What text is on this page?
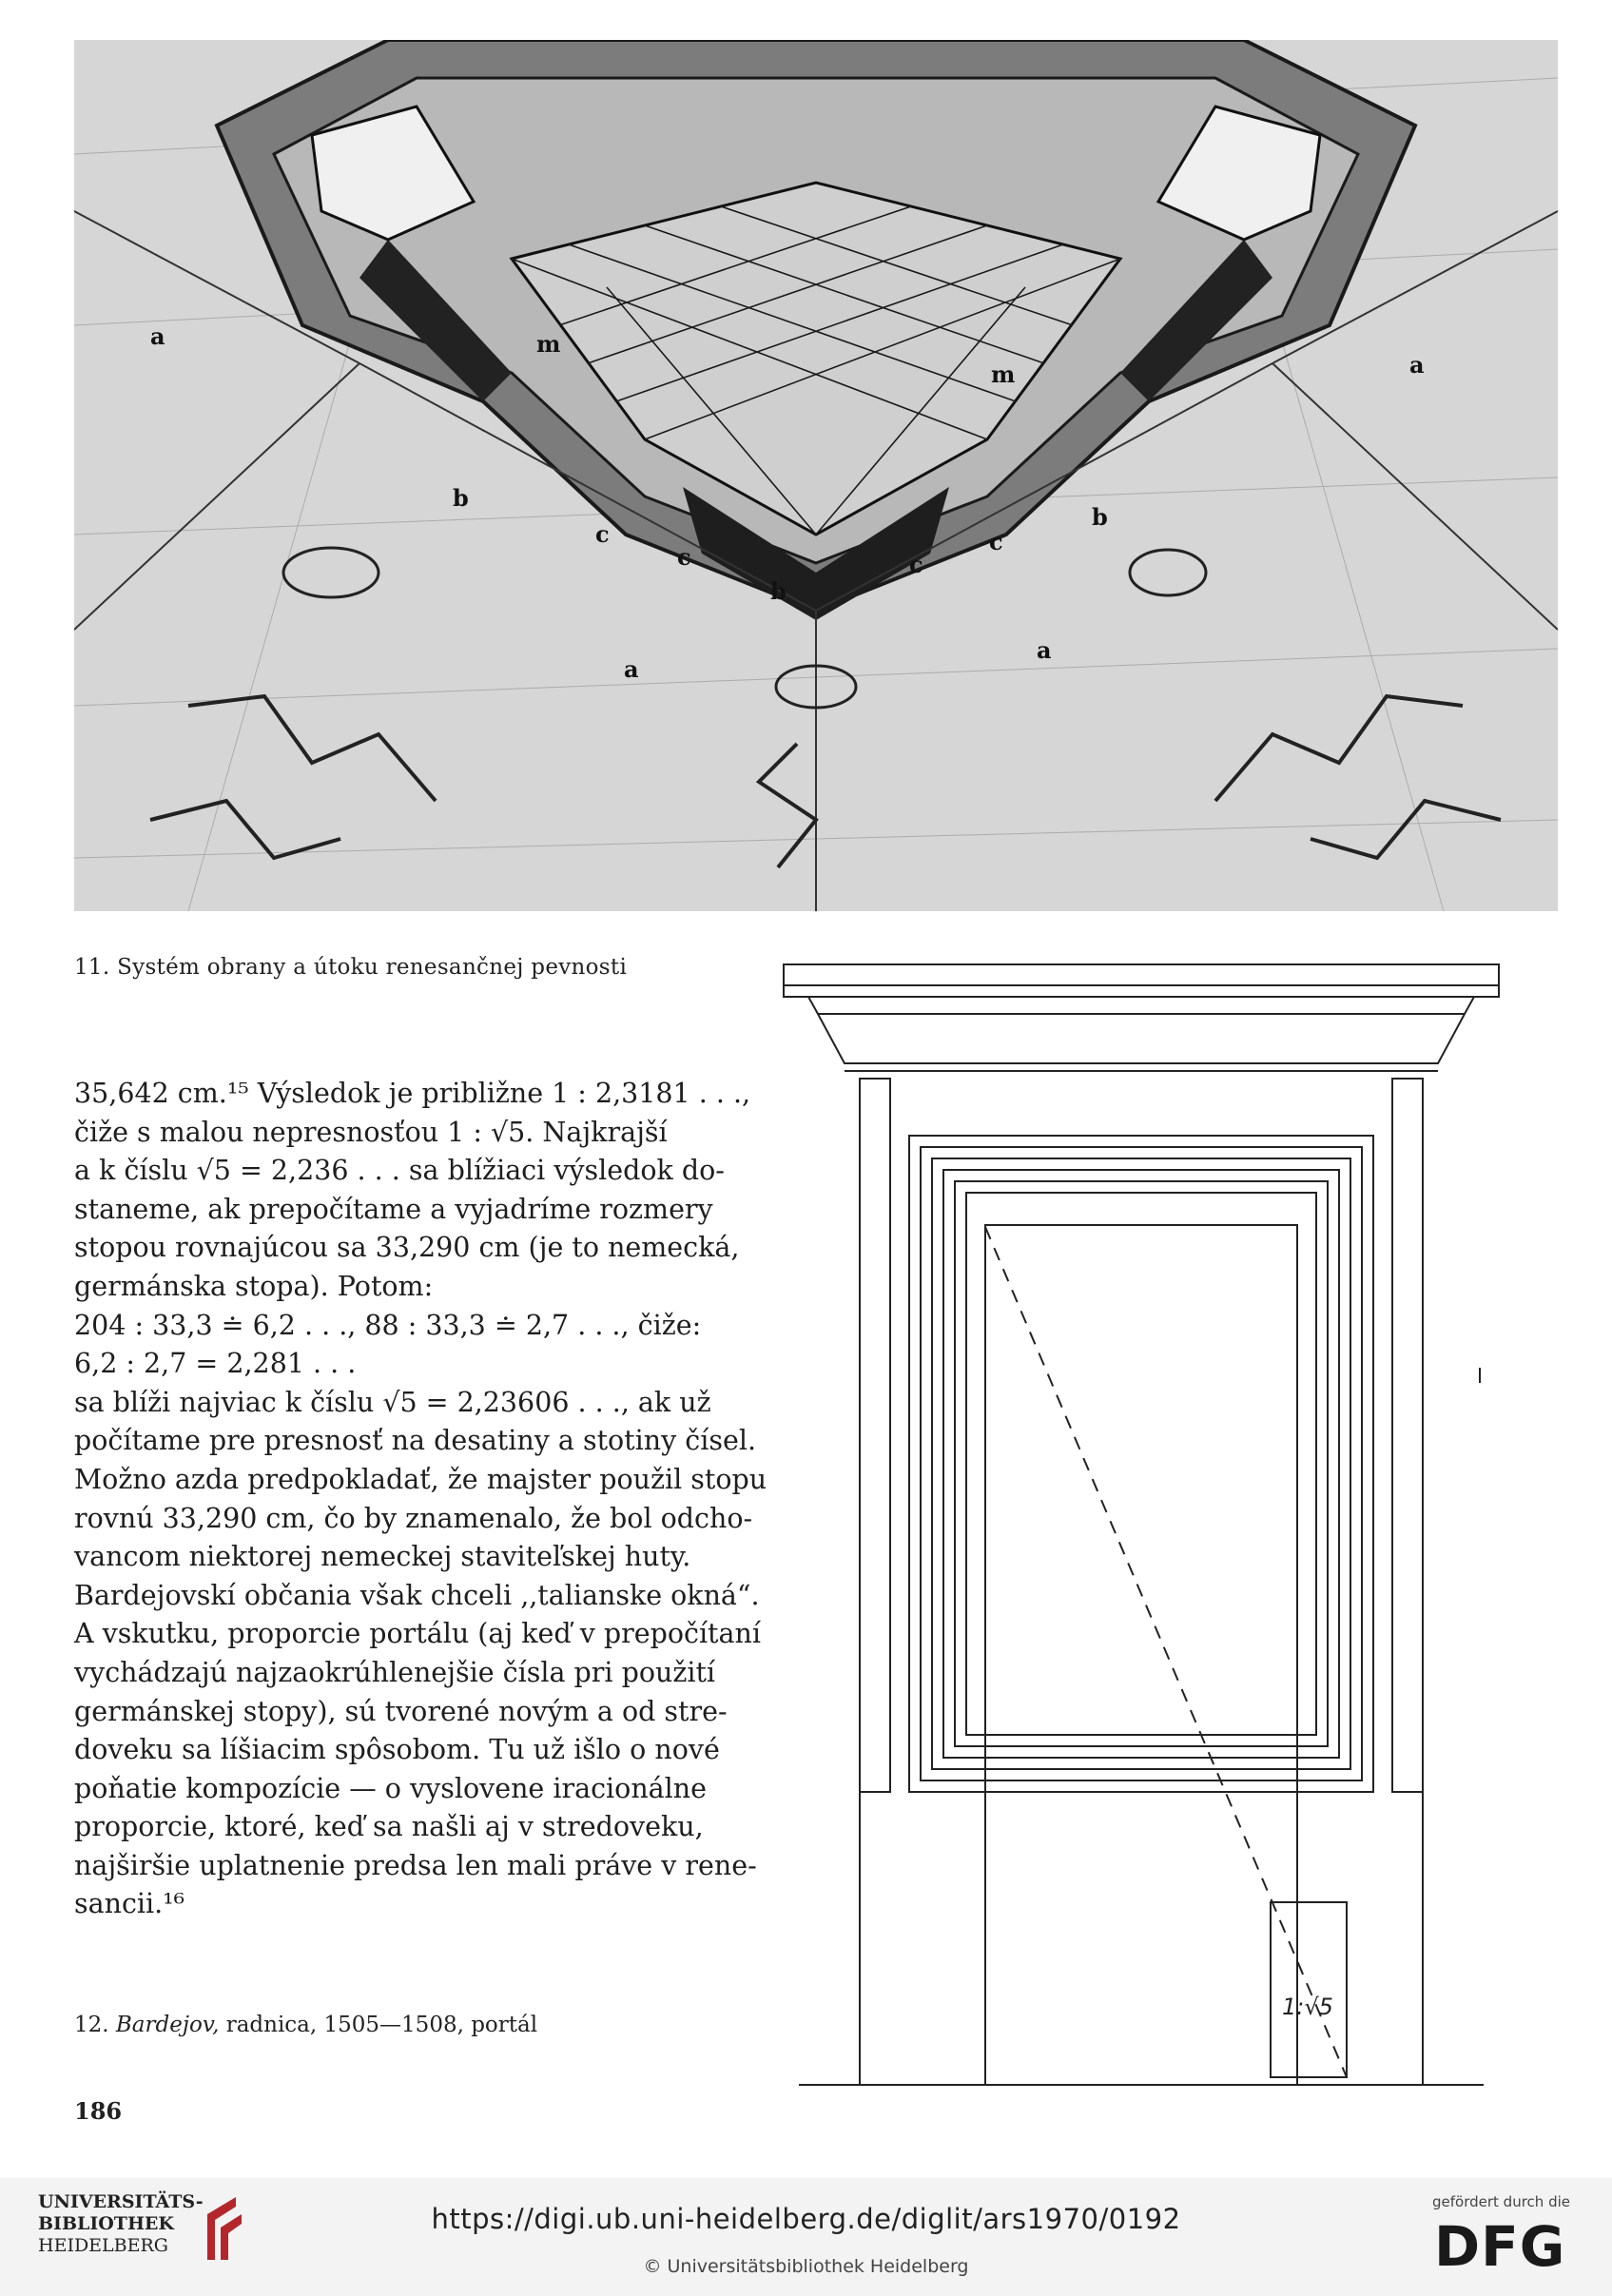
a
a
a
a
b
b
b
c
c	c
c
m
m
11. Systém obrany a útoku renesančnej pevnosti

35,642 cm.¹⁵ Výsledok je približne 1 : 2,3181 . . .,
čiže s malou nepresnosťou 1 : √5. Najkrajší
a k číslu √5 = 2,236 . . . sa blížiaci výsledok do-
staneme, ak prepočítame a vyjadríme rozmery
stopou rovnajúcou sa 33,290 cm (je to nemecká,
germánska stopa). Potom:
204 : 33,3 ≐ 6,2 . . ., 88 : 33,3 ≐ 2,7 . . ., čiže:
6,2 : 2,7 = 2,281 . . .
sa blíži najviac k číslu √5 = 2,23606 . . ., ak už
počítame pre presnosť na desatiny a stotiny čísel.
Možno azda predpokladať, že majster použil stopu
rovnú 33,290 cm, čo by znamenalo, že bol odcho-
vancom niektorej nemeckej staviteľskej huty.
Bardejovskí občania však chceli ,,talianske okná“.
A vskutku, proporcie portálu (aj keď v prepočítaní
vychádzajú najzaokrúhlenejšie čísla pri použití
germánskej stopy), sú tvorené novým a od stre-
doveku sa líšiacim spôsobom. Tu už išlo o nové
poňatie kompozície — o vyslovene iracionálne
proporcie, ktoré, keď sa našli aj v stredoveku,
najširšie uplatnenie predsa len mali práve v rene-
sancii.¹⁶

12. Bardejov, radnica, 1505—1508, portál
186
1:√5
UNIVERSITÄTS-
BIBLIOTHEK
HEIDELBERG
https://digi.ub.uni-heidelberg.de/diglit/ars1970/0192
© Universitätsbibliothek Heidelberg
gefördert durch die
DFG
